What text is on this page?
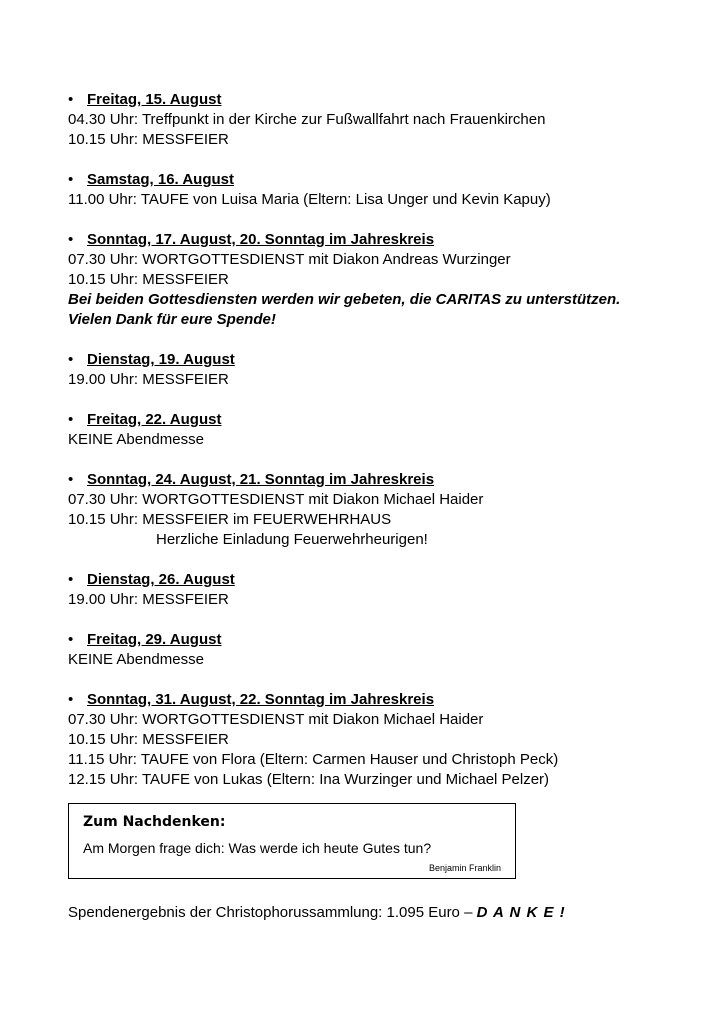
• Freitag, 15. August
04.30 Uhr: Treffpunkt in der Kirche zur Fußwallfahrt nach Frauenkirchen
10.15 Uhr: MESSFEIER
• Samstag, 16. August
11.00 Uhr: TAUFE von Luisa Maria (Eltern: Lisa Unger und Kevin Kapuy)
• Sonntag, 17. August, 20. Sonntag im Jahreskreis
07.30 Uhr: WORTGOTTESDIENST mit Diakon Andreas Wurzinger
10.15 Uhr: MESSFEIER
Bei beiden Gottesdiensten werden wir gebeten, die CARITAS zu unterstützen.
Vielen Dank für eure Spende!
• Dienstag, 19. August
19.00 Uhr: MESSFEIER
• Freitag, 22. August
KEINE Abendmesse
• Sonntag, 24. August, 21. Sonntag im Jahreskreis
07.30 Uhr: WORTGOTTESDIENST mit Diakon Michael Haider
10.15 Uhr: MESSFEIER im FEUERWEHRHAUS
Herzliche Einladung Feuerwehrheurigen!
• Dienstag, 26. August
19.00 Uhr: MESSFEIER
• Freitag, 29. August
KEINE Abendmesse
• Sonntag, 31. August, 22. Sonntag im Jahreskreis
07.30 Uhr: WORTGOTTESDIENST mit Diakon Michael Haider
10.15 Uhr: MESSFEIER
11.15 Uhr: TAUFE von Flora (Eltern: Carmen Hauser und Christoph Peck)
12.15 Uhr: TAUFE von Lukas (Eltern: Ina Wurzinger und Michael Pelzer)
Zum Nachdenken:
Am Morgen frage dich: Was werde ich heute Gutes tun?
Benjamin Franklin
Spendenergebnis der Christophorussammlung: 1.095 Euro – D A N K E !
